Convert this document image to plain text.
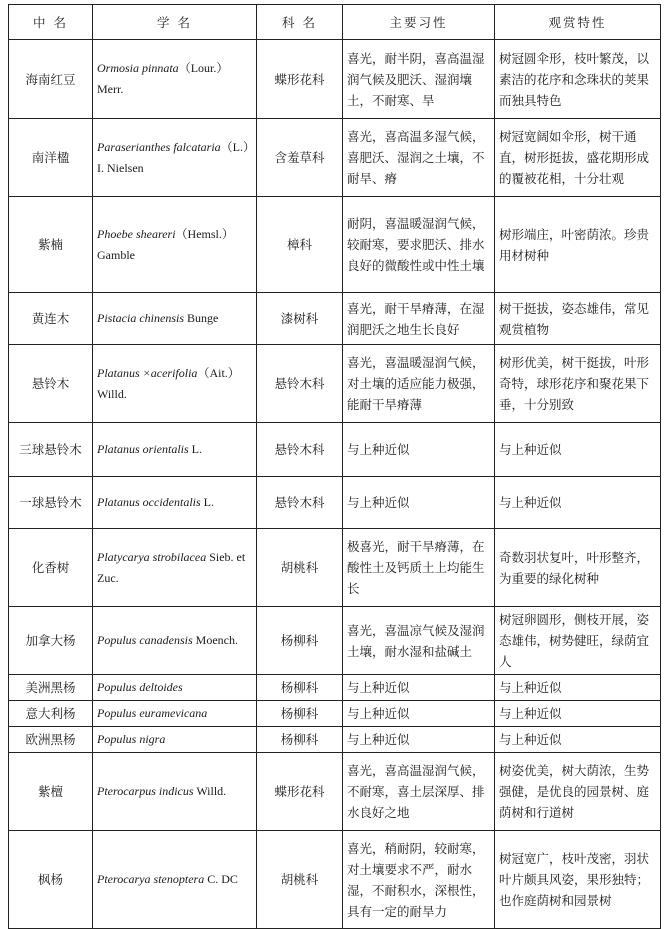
中 名	学 名	科 名	主要习性	观赏特性
海南红豆	Ormosia pinnata（Lour.）Merr.	蝶形花科	喜光，耐半阴，喜高温湿润气候及肥沃、湿润壤土，不耐寒、旱	树冠圆伞形，枝叶繁茂，以素洁的花序和念珠状的荚果而独具特色
南洋楹	Paraserianthes falcataria（L.）I. Nielsen	含羞草科	喜光，喜高温多湿气候，喜肥沃、湿润之土壤，不耐旱、瘠	树冠宽阔如伞形，树干通直，树形挺拔，盛花期形成的覆被花相，十分壮观
紫楠	Phoebe sheareri（Hemsl.）Gamble	樟科	耐阴，喜温暖湿润气候，较耐寒，要求肥沃、排水良好的微酸性或中性土壤	树形端庄，叶密荫浓。珍贵用材树种
黄连木	Pistacia chinensis Bunge	漆树科	喜光，耐干旱瘠薄，在湿润肥沃之地生长良好	树干挺拔，姿态雄伟，常见观赏植物
悬铃木	Platanus ×acerifolia（Ait.）Willd.	悬铃木科	喜光，喜温暖湿润气候，对土壤的适应能力极强，能耐干旱瘠薄	树形优美，树干挺拔，叶形奇特，球形花序和聚花果下垂，十分别致
三球悬铃木	Platanus orientalis L.	悬铃木科	与上种近似	与上种近似
一球悬铃木	Platanus occidentalis L.	悬铃木科	与上种近似	与上种近似
化香树	Platycarya strobilacea Sieb. et Zuc.	胡桃科	极喜光，耐干旱瘠薄，在酸性土及钙质土上均能生长	奇数羽状复叶，叶形整齐，为重要的绿化树种
加拿大杨	Populus canadensis Moench.	杨柳科	喜光，喜温凉气候及湿润土壤，耐水湿和盐碱土	树冠卵圆形，侧枝开展，姿态雄伟，树势健旺，绿荫宜人
美洲黑杨	Populus deltoides	杨柳科	与上种近似	与上种近似
意大利杨	Populus euramevicana	杨柳科	与上种近似	与上种近似
欧洲黑杨	Populus nigra	杨柳科	与上种近似	与上种近似
紫檀	Pterocarpus indicus Willd.	蝶形花科	喜光，喜高温湿润气候，不耐寒，喜土层深厚、排水良好之地	树姿优美，树大荫浓，生势强健，是优良的园景树、庭荫树和行道树
枫杨	Pterocarya stenoptera C. DC	胡桃科	喜光，稍耐阴，较耐寒，对土壤要求不严，耐水湿，不耐积水，深根性，具有一定的耐旱力	树冠宽广，枝叶茂密，羽状叶片颇具风姿，果形独特；也作庭荫树和园景树
